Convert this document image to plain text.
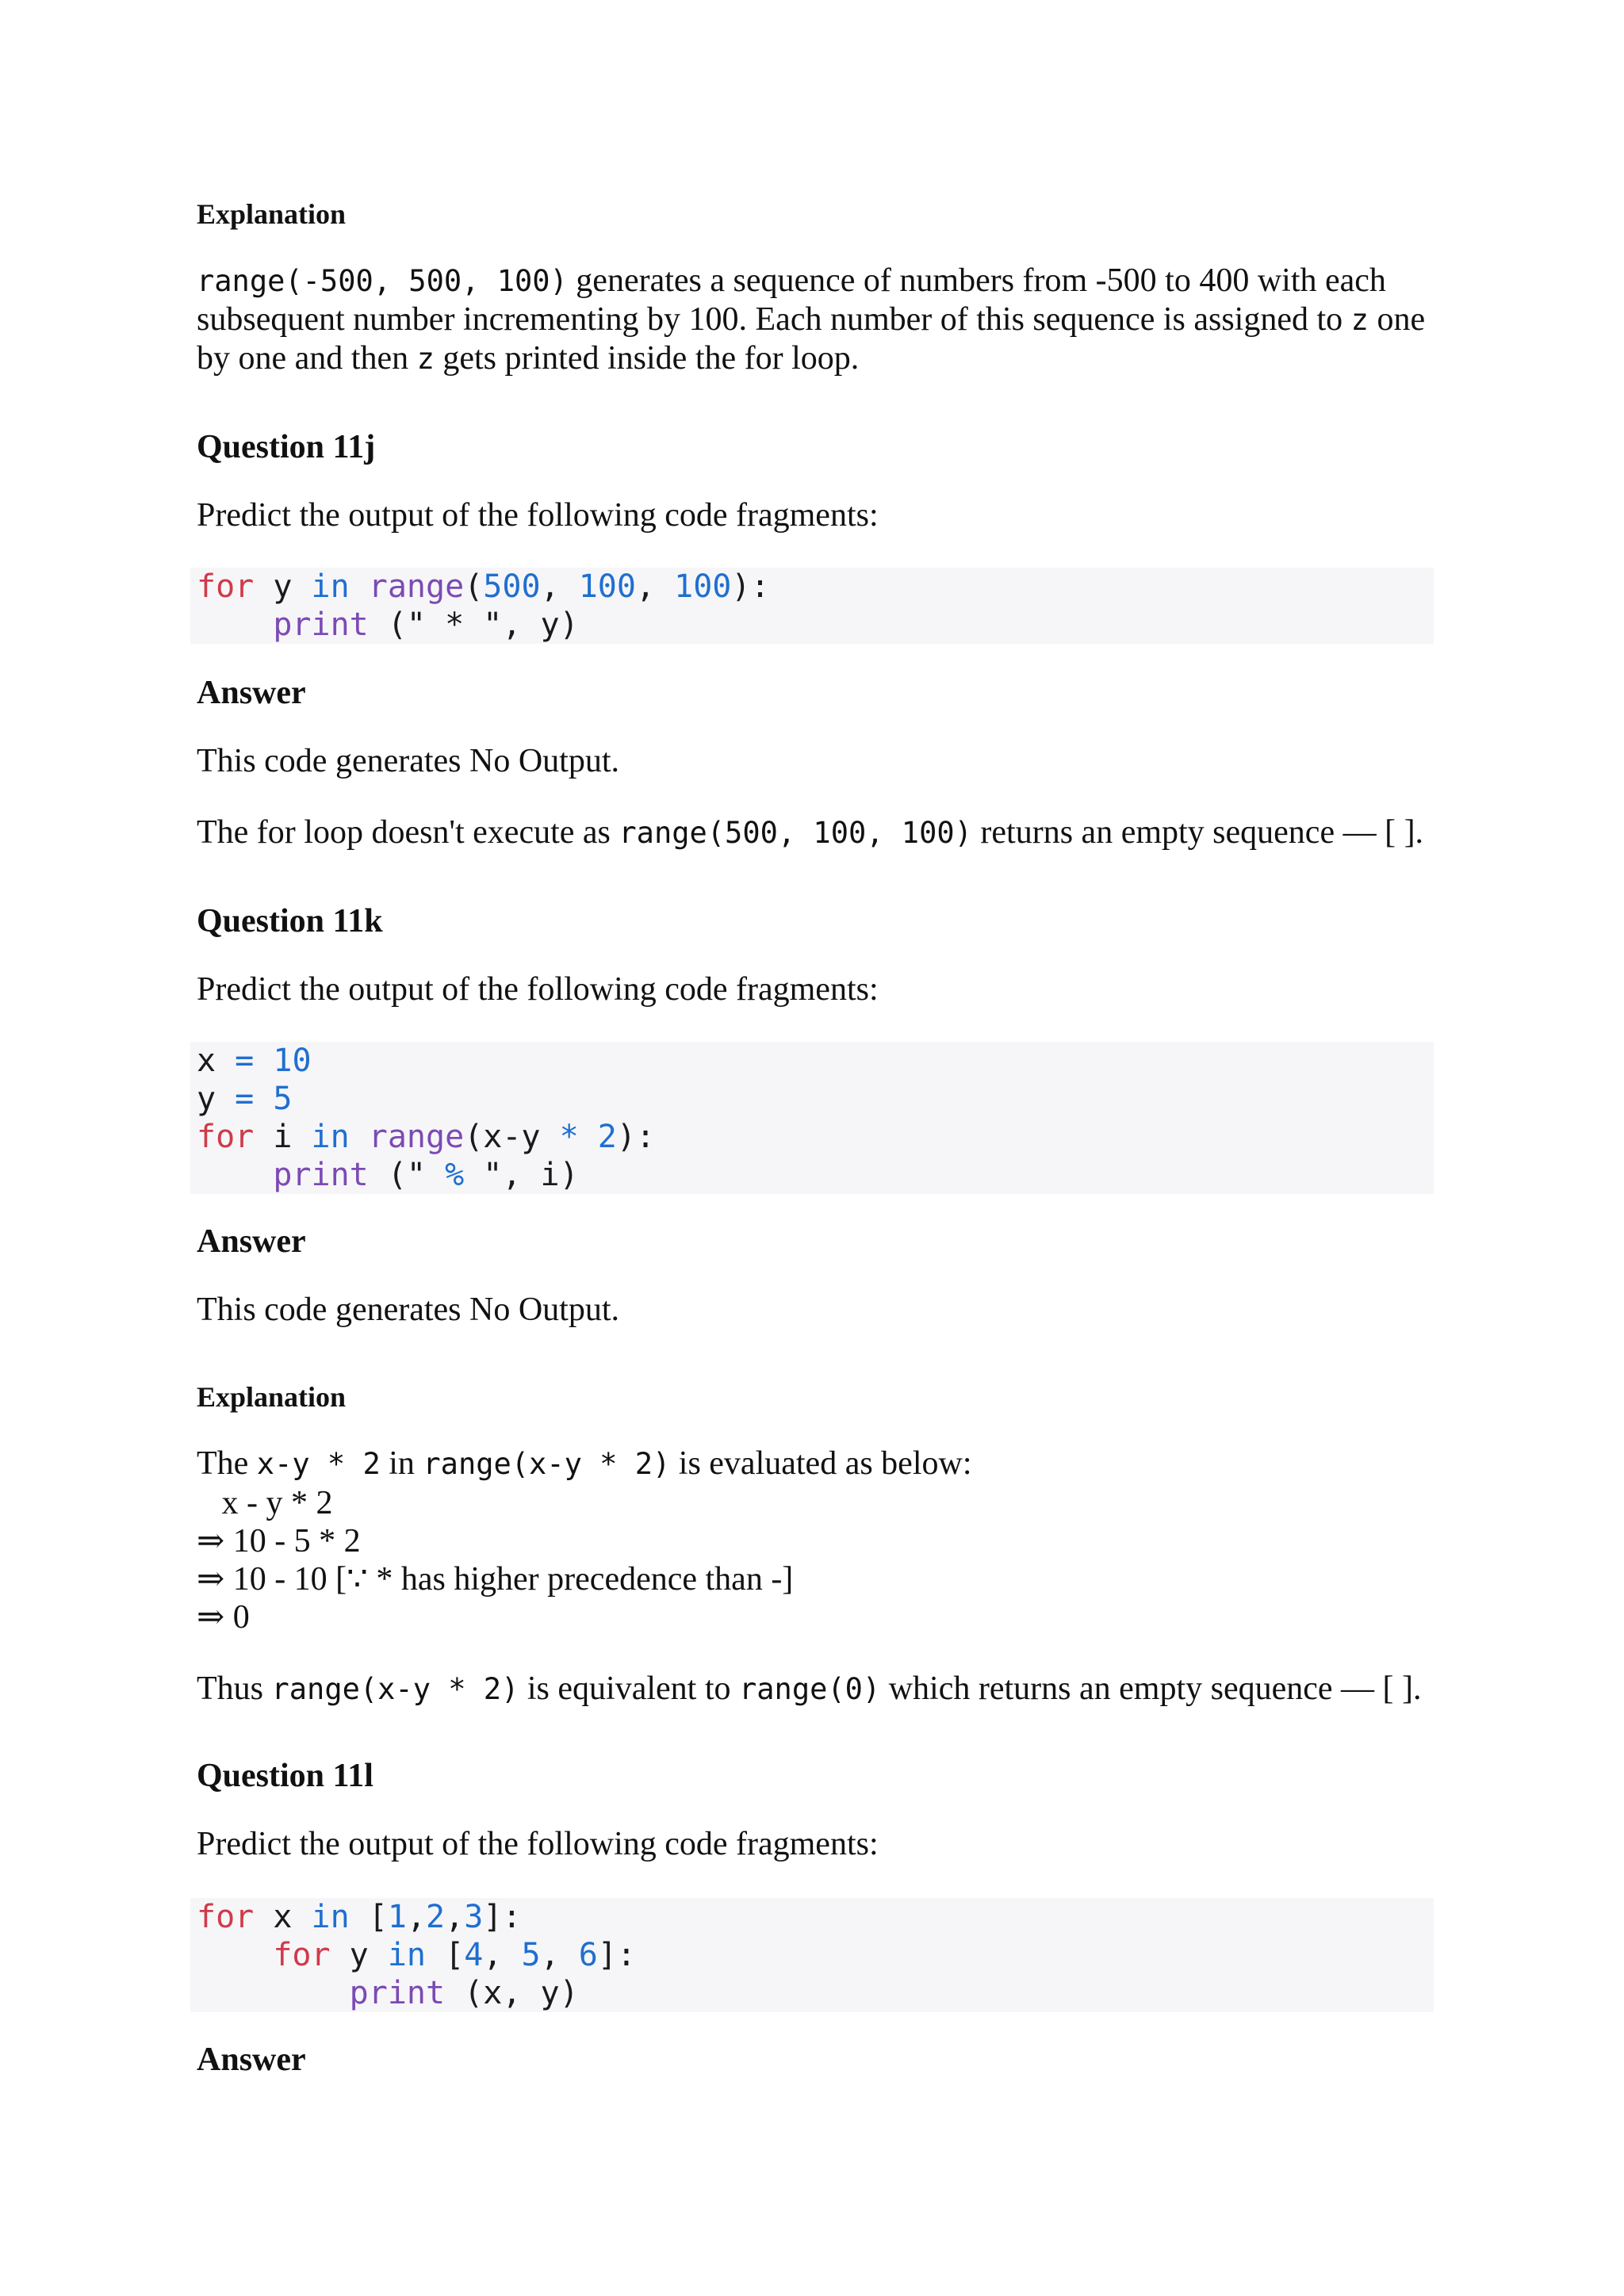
Explanation
range(-500, 500, 100) generates a sequence of numbers from -500 to 400 with each
subsequent number incrementing by 100. Each number of this sequence is assigned to z one
by one and then z gets printed inside the for loop.
Question 11j
Predict the output of the following code fragments:
for y in range(500, 100, 100):
print (" * ", y)
Answer
This code generates No Output.
The for loop doesn't execute as range(500, 100, 100) returns an empty sequence — [ ].
Question 11k
Predict the output of the following code fragments:
x = 10
y = 5
for i in range(x-y * 2):
print (" % ", i)
Answer
This code generates No Output.
Explanation
The x-y * 2 in range(x-y * 2) is evaluated as below:
x - y * 2
⇒ 10 - 5 * 2
⇒ 10 - 10 [∵ * has higher precedence than -]
⇒ 0
Thus range(x-y * 2) is equivalent to range(0) which returns an empty sequence — [ ].
Question 11l
Predict the output of the following code fragments:
for x in [1,2,3]:
for y in [4, 5, 6]:
print (x, y)
Answer
